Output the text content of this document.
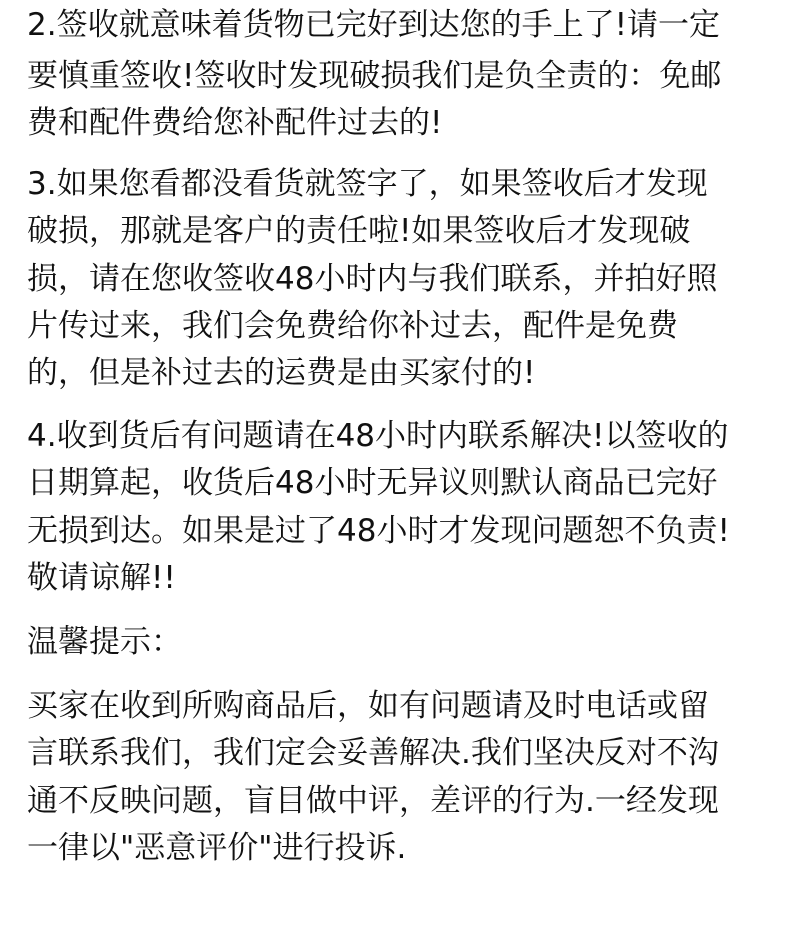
2.签收就意味着货物已完好到达您的手上了!请一定
要慎重签收!签收时发现破损我们是负全责的：免邮
费和配件费给您补配件过去的!
3.如果您看都没看货就签字了，如果签收后才发现
破损，那就是客户的责任啦!如果签收后才发现破
损，请在您收签收48小时内与我们联系，并拍好照
片传过来，我们会免费给你补过去，配件是免费
的，但是补过去的运费是由买家付的!
4.收到货后有问题请在48小时内联系解决!以签收的
日期算起，收货后48小时无异议则默认商品已完好
无损到达。如果是过了48小时才发现问题恕不负责!
敬请谅解!!
温馨提示：
买家在收到所购商品后，如有问题请及时电话或留
言联系我们，我们定会妥善解决.我们坚决反对不沟
通不反映问题，盲目做中评，差评的行为.一经发现
一律以"恶意评价"进行投诉.
